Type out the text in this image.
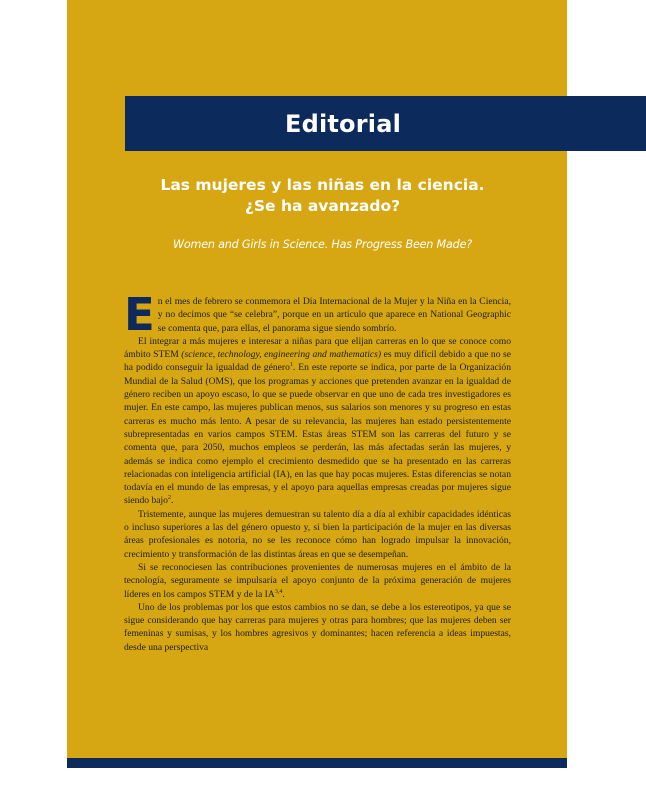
Editorial
Las mujeres y las niñas en la ciencia.
¿Se ha avanzado?
Women and Girls in Science. Has Progress Been Made?

En el mes de febrero se conmemora el Día Internacional de la Mujer y la Niña en la Ciencia, y no decimos que “se celebra”, porque en un artículo que aparece en National Geographic se comenta que, para ellas, el panorama sigue siendo sombrío.

El integrar a más mujeres e interesar a niñas para que elijan carreras en lo que se conoce como ámbito STEM (science, technology, engineering and mathematics) es muy difícil debido a que no se ha podido conseguir la igualdad de género$^1$. En este reporte se indica, por parte de la Organización Mundial de la Salud (OMS), que los programas y acciones que pretenden avanzar en la igualdad de género reciben un apoyo escaso, lo que se puede observar en que uno de cada tres investigadores es mujer. En este campo, las mujeres publican menos, sus salarios son menores y su progreso en estas carreras es mucho más lento. A pesar de su relevancia, las mujeres han estado persistentemente subrepresentadas en varios campos STEM. Estas áreas STEM son las carreras del futuro y se comenta que, para 2050, muchos empleos se perderán, las más afectadas serán las mujeres, y además se indica como ejemplo el crecimiento desmedido que se ha presentado en las carreras relacionadas con inteligencia artificial (IA), en las que hay pocas mujeres. Estas diferencias se notan todavía en el mundo de las empresas, y el apoyo para aquellas empresas creadas por mujeres sigue siendo bajo$^2$.

Tristemente, aunque las mujeres demuestran su talento día a día al exhibir capacidades idénticas o incluso superiores a las del género opuesto y, si bien la participación de la mujer en las diversas áreas profesionales es notoria, no se les reconoce cómo han logrado impulsar la innovación, crecimiento y transformación de las distintas áreas en que se desempeñan.

Si se reconociesen las contribuciones provenientes de numerosas mujeres en el ámbito de la tecnología, seguramente se impulsaría el apoyo conjunto de la próxima generación de mujeres líderes en los campos STEM y de la IA$^{3,4}$.

Uno de los problemas por los que estos cambios no se dan, se debe a los estereotipos, ya que se sigue considerando que hay carreras para mujeres y otras para hombres; que las mujeres deben ser femeninas y sumisas, y los hombres agresivos y dominantes; hacen referencia a ideas impuestas, desde una perspectiva
